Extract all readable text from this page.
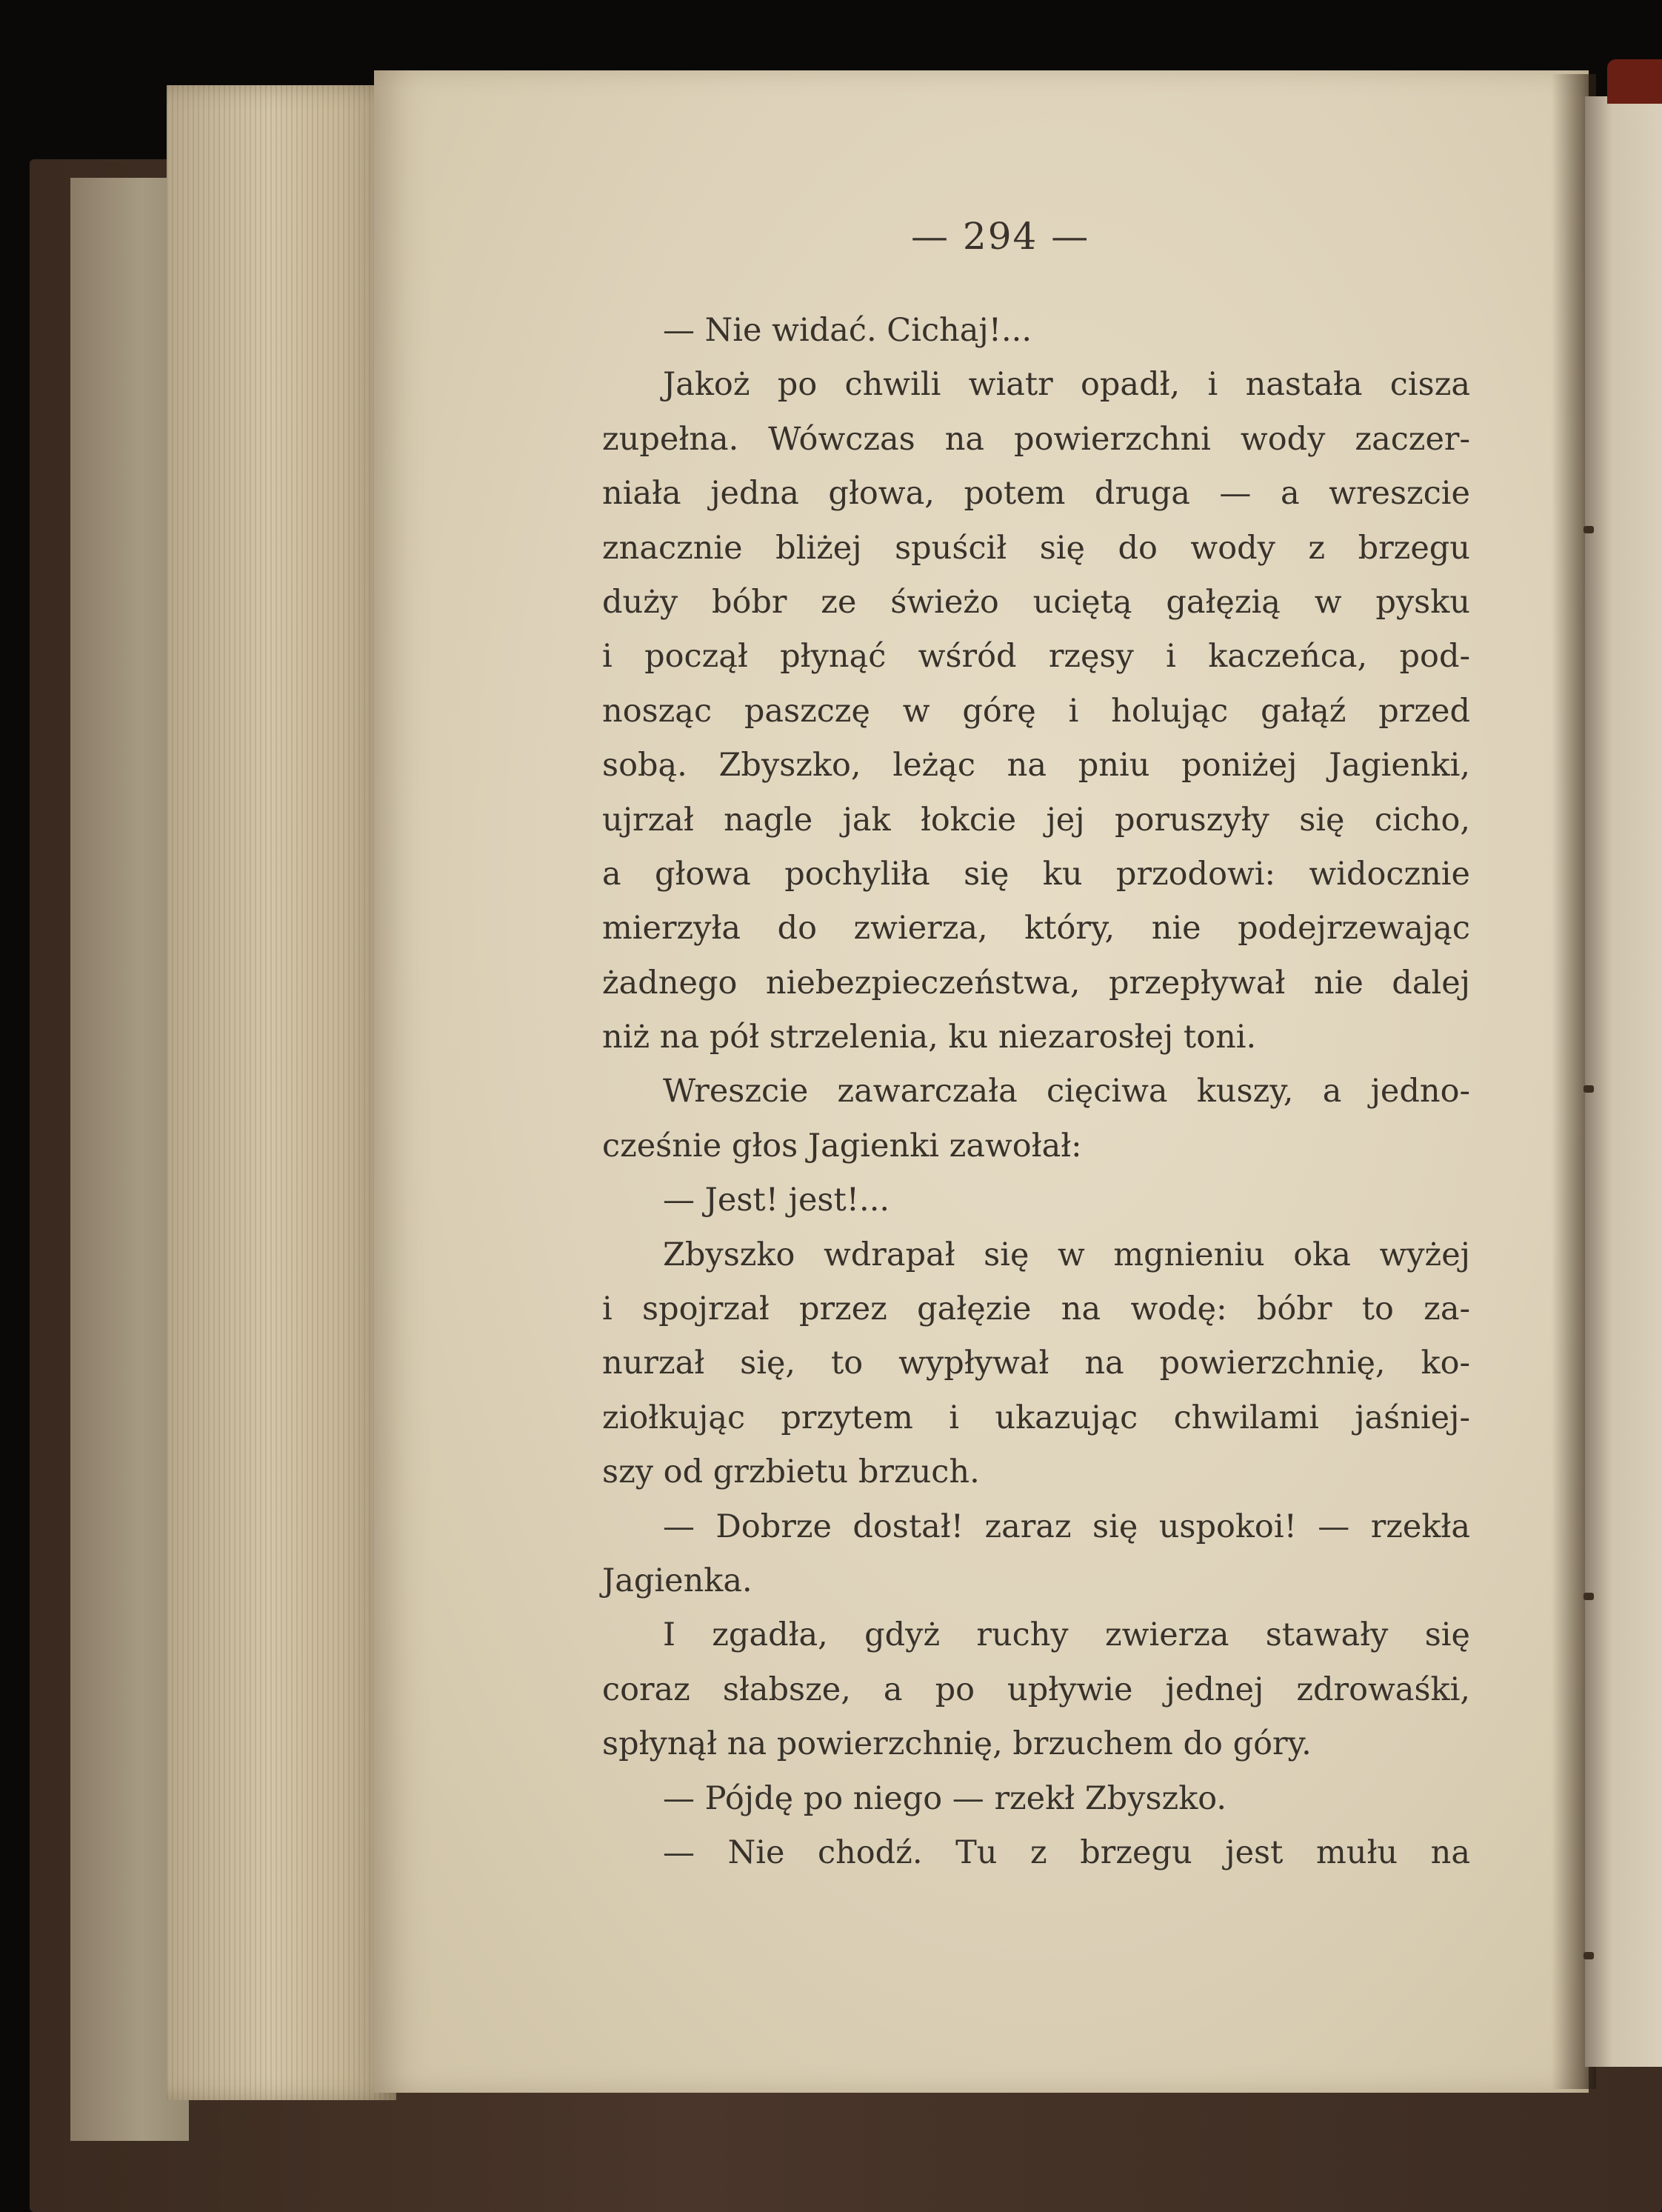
— 294 —
— Nie widać. Cichaj!...
Jakoż po chwili wiatr opadł, i nastała cisza
zupełna. Wówczas na powierzchni wody zaczer-
niała jedna głowa, potem druga — a wreszcie
znacznie bliżej spuścił się do wody z brzegu
duży bóbr ze świeżo uciętą gałęzią w pysku
i począł płynąć wśród rzęsy i kaczeńca, pod-
nosząc paszczę w górę i holując gałąź przed
sobą. Zbyszko, leżąc na pniu poniżej Jagienki,
ujrzał nagle jak łokcie jej poruszyły się cicho,
a głowa pochyliła się ku przodowi: widocznie
mierzyła do zwierza, który, nie podejrzewając
żadnego niebezpieczeństwa, przepływał nie dalej
niż na pół strzelenia, ku niezarosłej toni.
Wreszcie zawarczała cięciwa kuszy, a jedno-
cześnie głos Jagienki zawołał:
— Jest! jest!...
Zbyszko wdrapał się w mgnieniu oka wyżej
i spojrzał przez gałęzie na wodę: bóbr to za-
nurzał się, to wypływał na powierzchnię, ko-
ziołkując przytem i ukazując chwilami jaśniej-
szy od grzbietu brzuch.
— Dobrze dostał! zaraz się uspokoi! — rzekła
Jagienka.
I zgadła, gdyż ruchy zwierza stawały się
coraz słabsze, a po upływie jednej zdrowaśki,
spłynął na powierzchnię, brzuchem do góry.
— Pójdę po niego — rzekł Zbyszko.
— Nie chodź. Tu z brzegu jest mułu na
